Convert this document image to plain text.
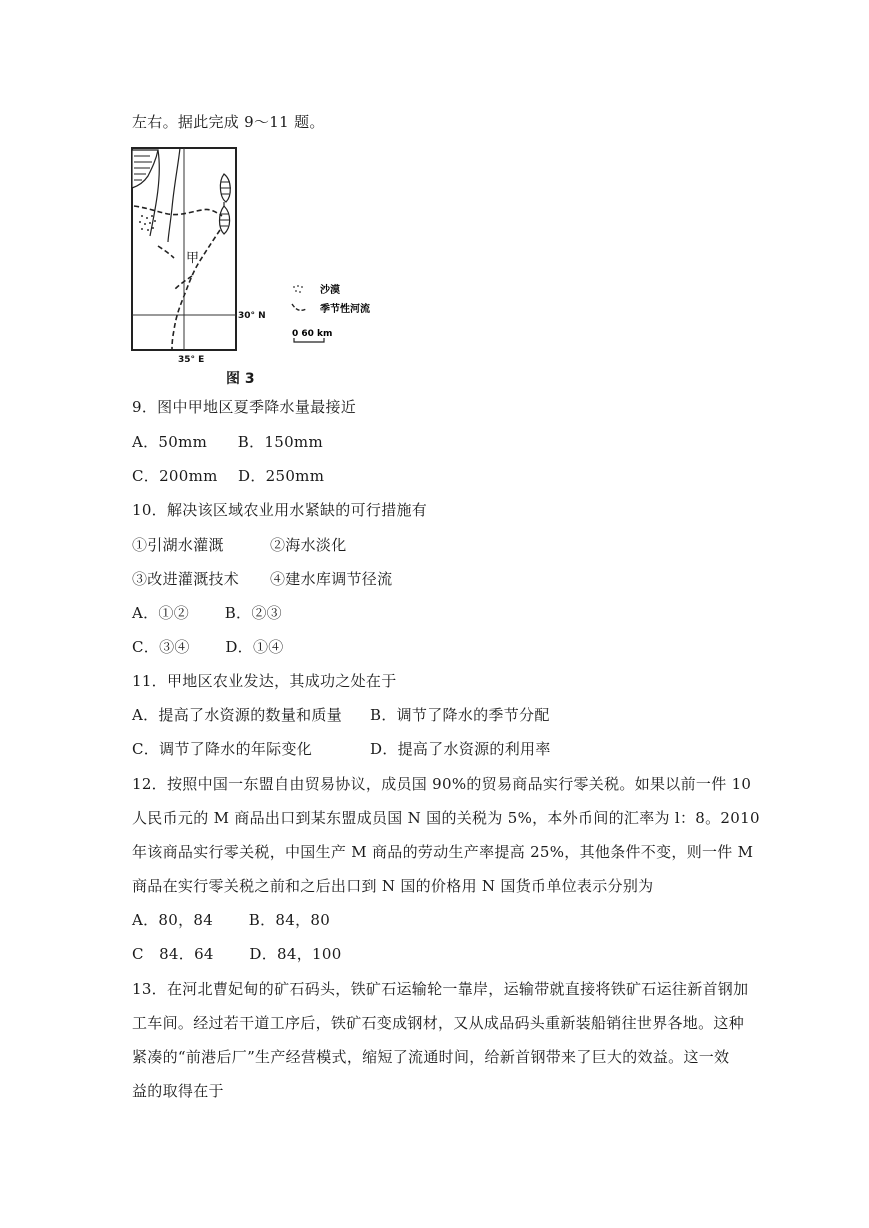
左右。据此完成 9～11 题。
甲
30° N
35° E
沙漠
季节性河流
0 60 km
图 3
9．图中甲地区夏季降水量最接近
A．50mm　　B．150mm
C．200mm　 D．250mm
10．解决该区域农业用水紧缺的可行措施有
①引湖水灌溉	②海水淡化
③改进灌溉技术 ④建水库调节径流
A．①②　　 B．②③
C．③④　　 D．①④
11．甲地区农业发达，其成功之处在于
A．提高了水资源的数量和质量 B．调节了降水的季节分配
C．调节了降水的年际变化	D．提高了水资源的利用率
12．按照中国一东盟自由贸易协议，成员国 90%的贸易商品实行零关税。如果以前一件 10
人民币元的 M 商品出口到某东盟成员国 N 国的关税为 5%，本外币间的汇率为 l：8。2010
年该商品实行零关税，中国生产 M 商品的劳动生产率提高 25%，其他条件不变，则一件 M
商品在实行零关税之前和之后出口到 N 国的价格用 N 国货币单位表示分别为
A．80，84　　 B．84，80
C　84．64　　 D．84，100
13．在河北曹妃甸的矿石码头，铁矿石运输轮一靠岸，运输带就直接将铁矿石运往新首钢加
工车间。经过若干道工序后，铁矿石变成钢材，又从成品码头重新装船销往世界各地。这种
紧凑的“前港后厂”生产经营模式，缩短了流通时间，给新首钢带来了巨大的效益。这一效
益的取得在于
